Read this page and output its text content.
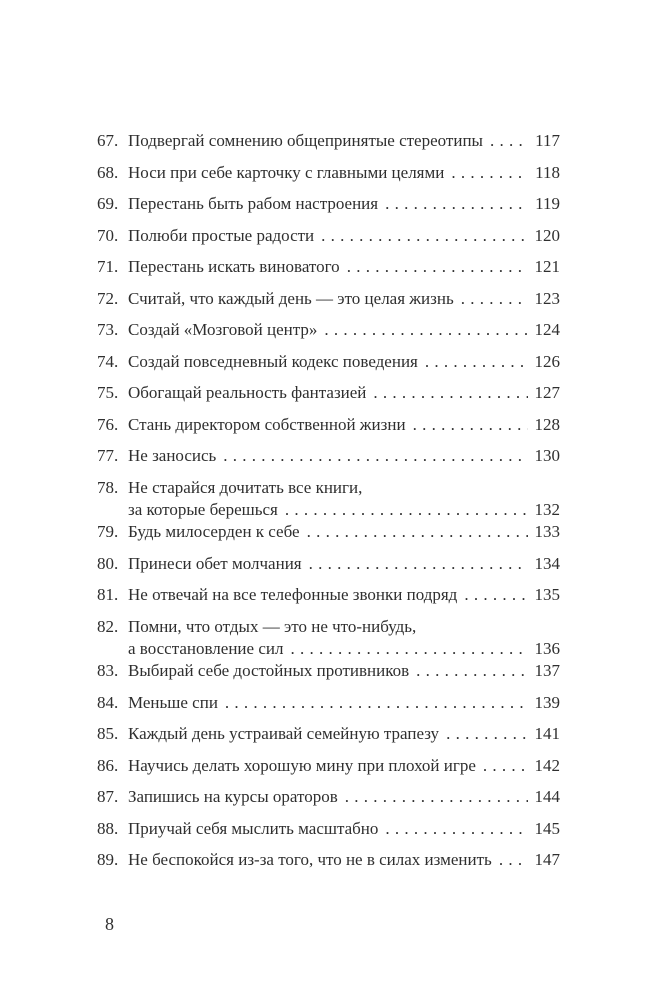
67. Подвергай сомнению общепринятые стереотипы . . .	117
68. Носи при себе карточку с главными целями . . .	118
69. Перестань быть рабом настроения . . .	119
70. Полюби простые радости . . .	120
71. Перестань искать виноватого . . .	121
72. Считай, что каждый день — это целая жизнь . . .	123
73. Создай «Мозговой центр» . . .	124
74. Создай повседневный кодекс поведения . . .	126
75. Обогащай реальность фантазией . . .	127
76. Стань директором собственной жизни . . .	128
77. Не заносись . . .	130
78. Не старайся дочитать все книги,
за которые берешься . . .	132
79. Будь милосерден к себе . . .	133
80. Принеси обет молчания . . .	134
81. Не отвечай на все телефонные звонки подряд . . .	135
82. Помни, что отдых — это не что-нибудь,
а восстановление сил . . .	136
83. Выбирай себе достойных противников . . .	137
84. Меньше спи . . .	139
85. Каждый день устраивай семейную трапезу . . .	141
86. Научись делать хорошую мину при плохой игре . . .	142
87. Запишись на курсы ораторов . . .	144
88. Приучай себя мыслить масштабно . . .	145
89. Не беспокойся из-за того, что не в силах изменить . . .	147
8
